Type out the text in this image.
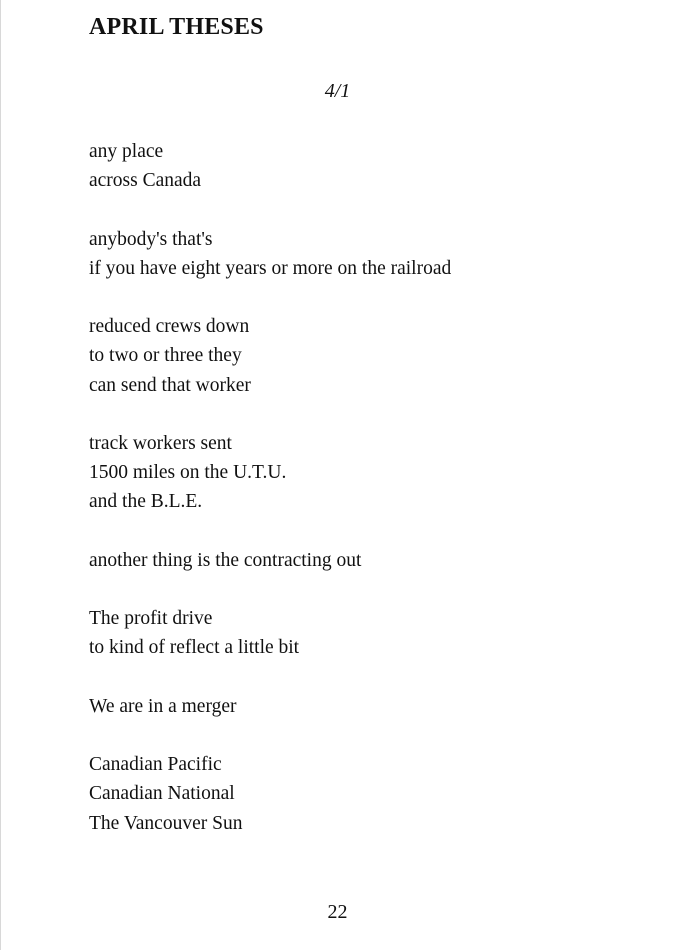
APRIL THESES
4/1
any place
across Canada
anybody's that's
if you have eight years or more on the railroad
reduced crews down
to two or three they
can send that worker
track workers sent
1500 miles on the U.T.U.
and the B.L.E.
another thing is the contracting out
The profit drive
to kind of reflect a little bit
We are in a merger
Canadian Pacific
Canadian National
The Vancouver Sun
22
